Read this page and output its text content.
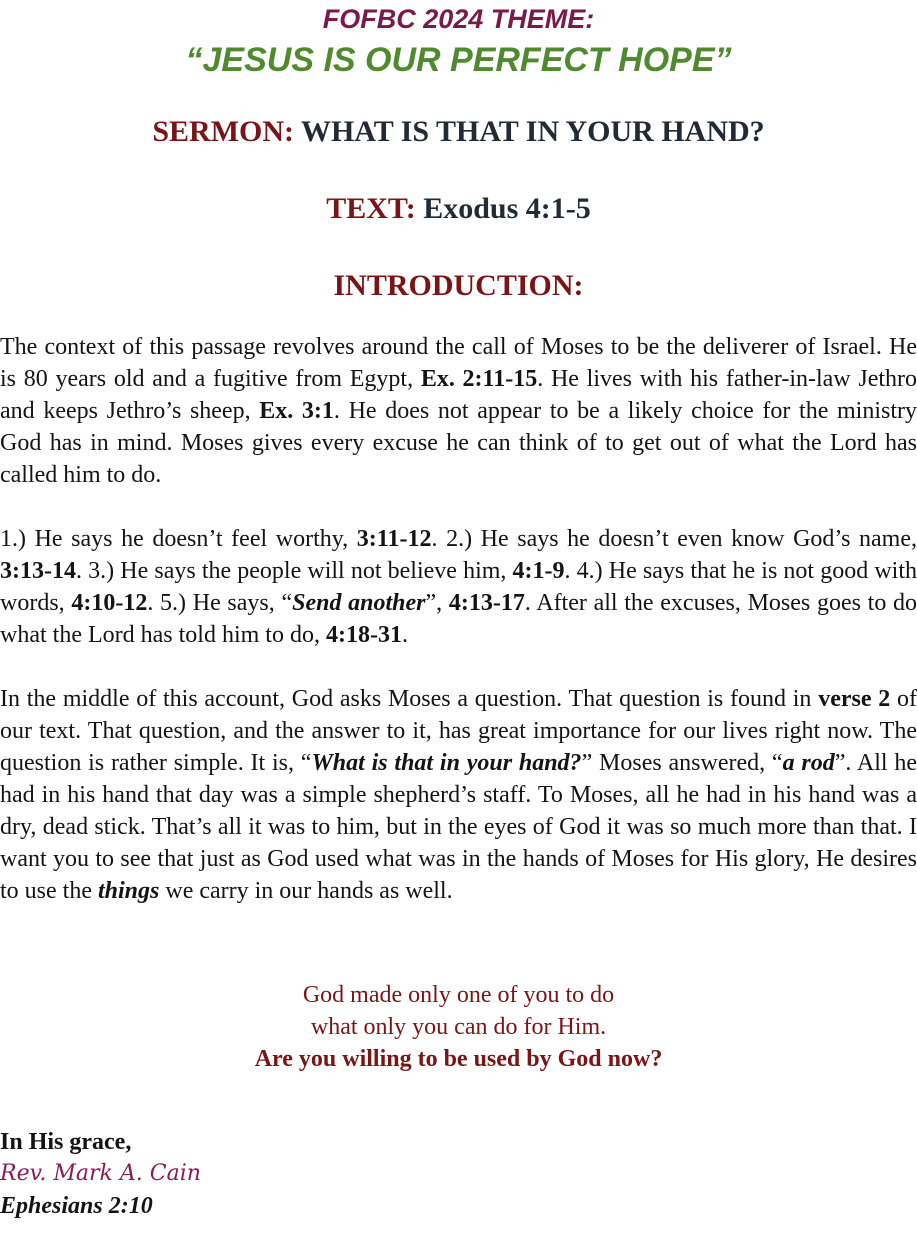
FOFBC 2024 THEME:
“JESUS IS OUR PERFECT HOPE”
SERMON: WHAT IS THAT IN YOUR HAND?
TEXT: Exodus 4:1-5
INTRODUCTION:

The context of this passage revolves around the call of Moses to be the deliverer of Israel. He is 80 years old and a fugitive from Egypt, Ex. 2:11-15. He lives with his father-in-law Jethro and keeps Jethro’s sheep, Ex. 3:1. He does not appear to be a likely choice for the ministry God has in mind. Moses gives every excuse he can think of to get out of what the Lord has called him to do.

1.) He says he doesn’t feel worthy, 3:11-12. 2.) He says he doesn’t even know God’s name, 3:13-14. 3.) He says the people will not believe him, 4:1-9. 4.) He says that he is not good with words, 4:10-12. 5.) He says, “Send another”, 4:13-17. After all the excuses, Moses goes to do what the Lord has told him to do, 4:18-31.

In the middle of this account, God asks Moses a question. That question is found in verse 2 of our text. That question, and the answer to it, has great importance for our lives right now. The question is rather simple. It is, “What is that in your hand?” Moses answered, “a rod”. All he had in his hand that day was a simple shepherd’s staff. To Moses, all he had in his hand was a dry, dead stick. That’s all it was to him, but in the eyes of God it was so much more than that. I want you to see that just as God used what was in the hands of Moses for His glory, He desires to use the things we carry in our hands as well.

God made only one of you to do
what only you can do for Him.
Are you willing to be used by God now?
In His grace,
Rev. Mark A. Cain
Ephesians 2:10
